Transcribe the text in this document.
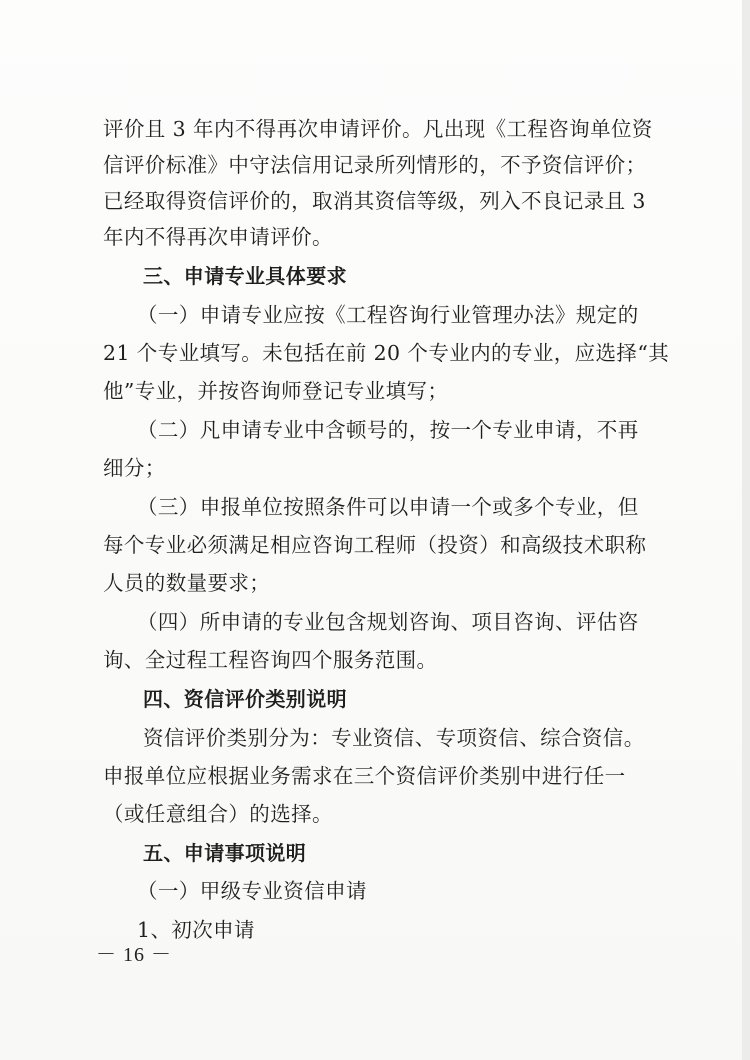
评价且 3 年内不得再次申请评价。凡出现《工程咨询单位资
信评价标准》中守法信用记录所列情形的，不予资信评价；
已经取得资信评价的，取消其资信等级，列入不良记录且 3
年内不得再次申请评价。
三、申请专业具体要求
（一）申请专业应按《工程咨询行业管理办法》规定的
21 个专业填写。未包括在前 20 个专业内的专业，应选择“其
他”专业，并按咨询师登记专业填写；
（二）凡申请专业中含顿号的，按一个专业申请，不再
细分；
（三）申报单位按照条件可以申请一个或多个专业，但
每个专业必须满足相应咨询工程师（投资）和高级技术职称
人员的数量要求；
（四）所申请的专业包含规划咨询、项目咨询、评估咨
询、全过程工程咨询四个服务范围。
四、资信评价类别说明
资信评价类别分为：专业资信、专项资信、综合资信。
申报单位应根据业务需求在三个资信评价类别中进行任一
（或任意组合）的选择。
五、申请事项说明
（一）甲级专业资信申请
1、初次申请
－ 16 －
